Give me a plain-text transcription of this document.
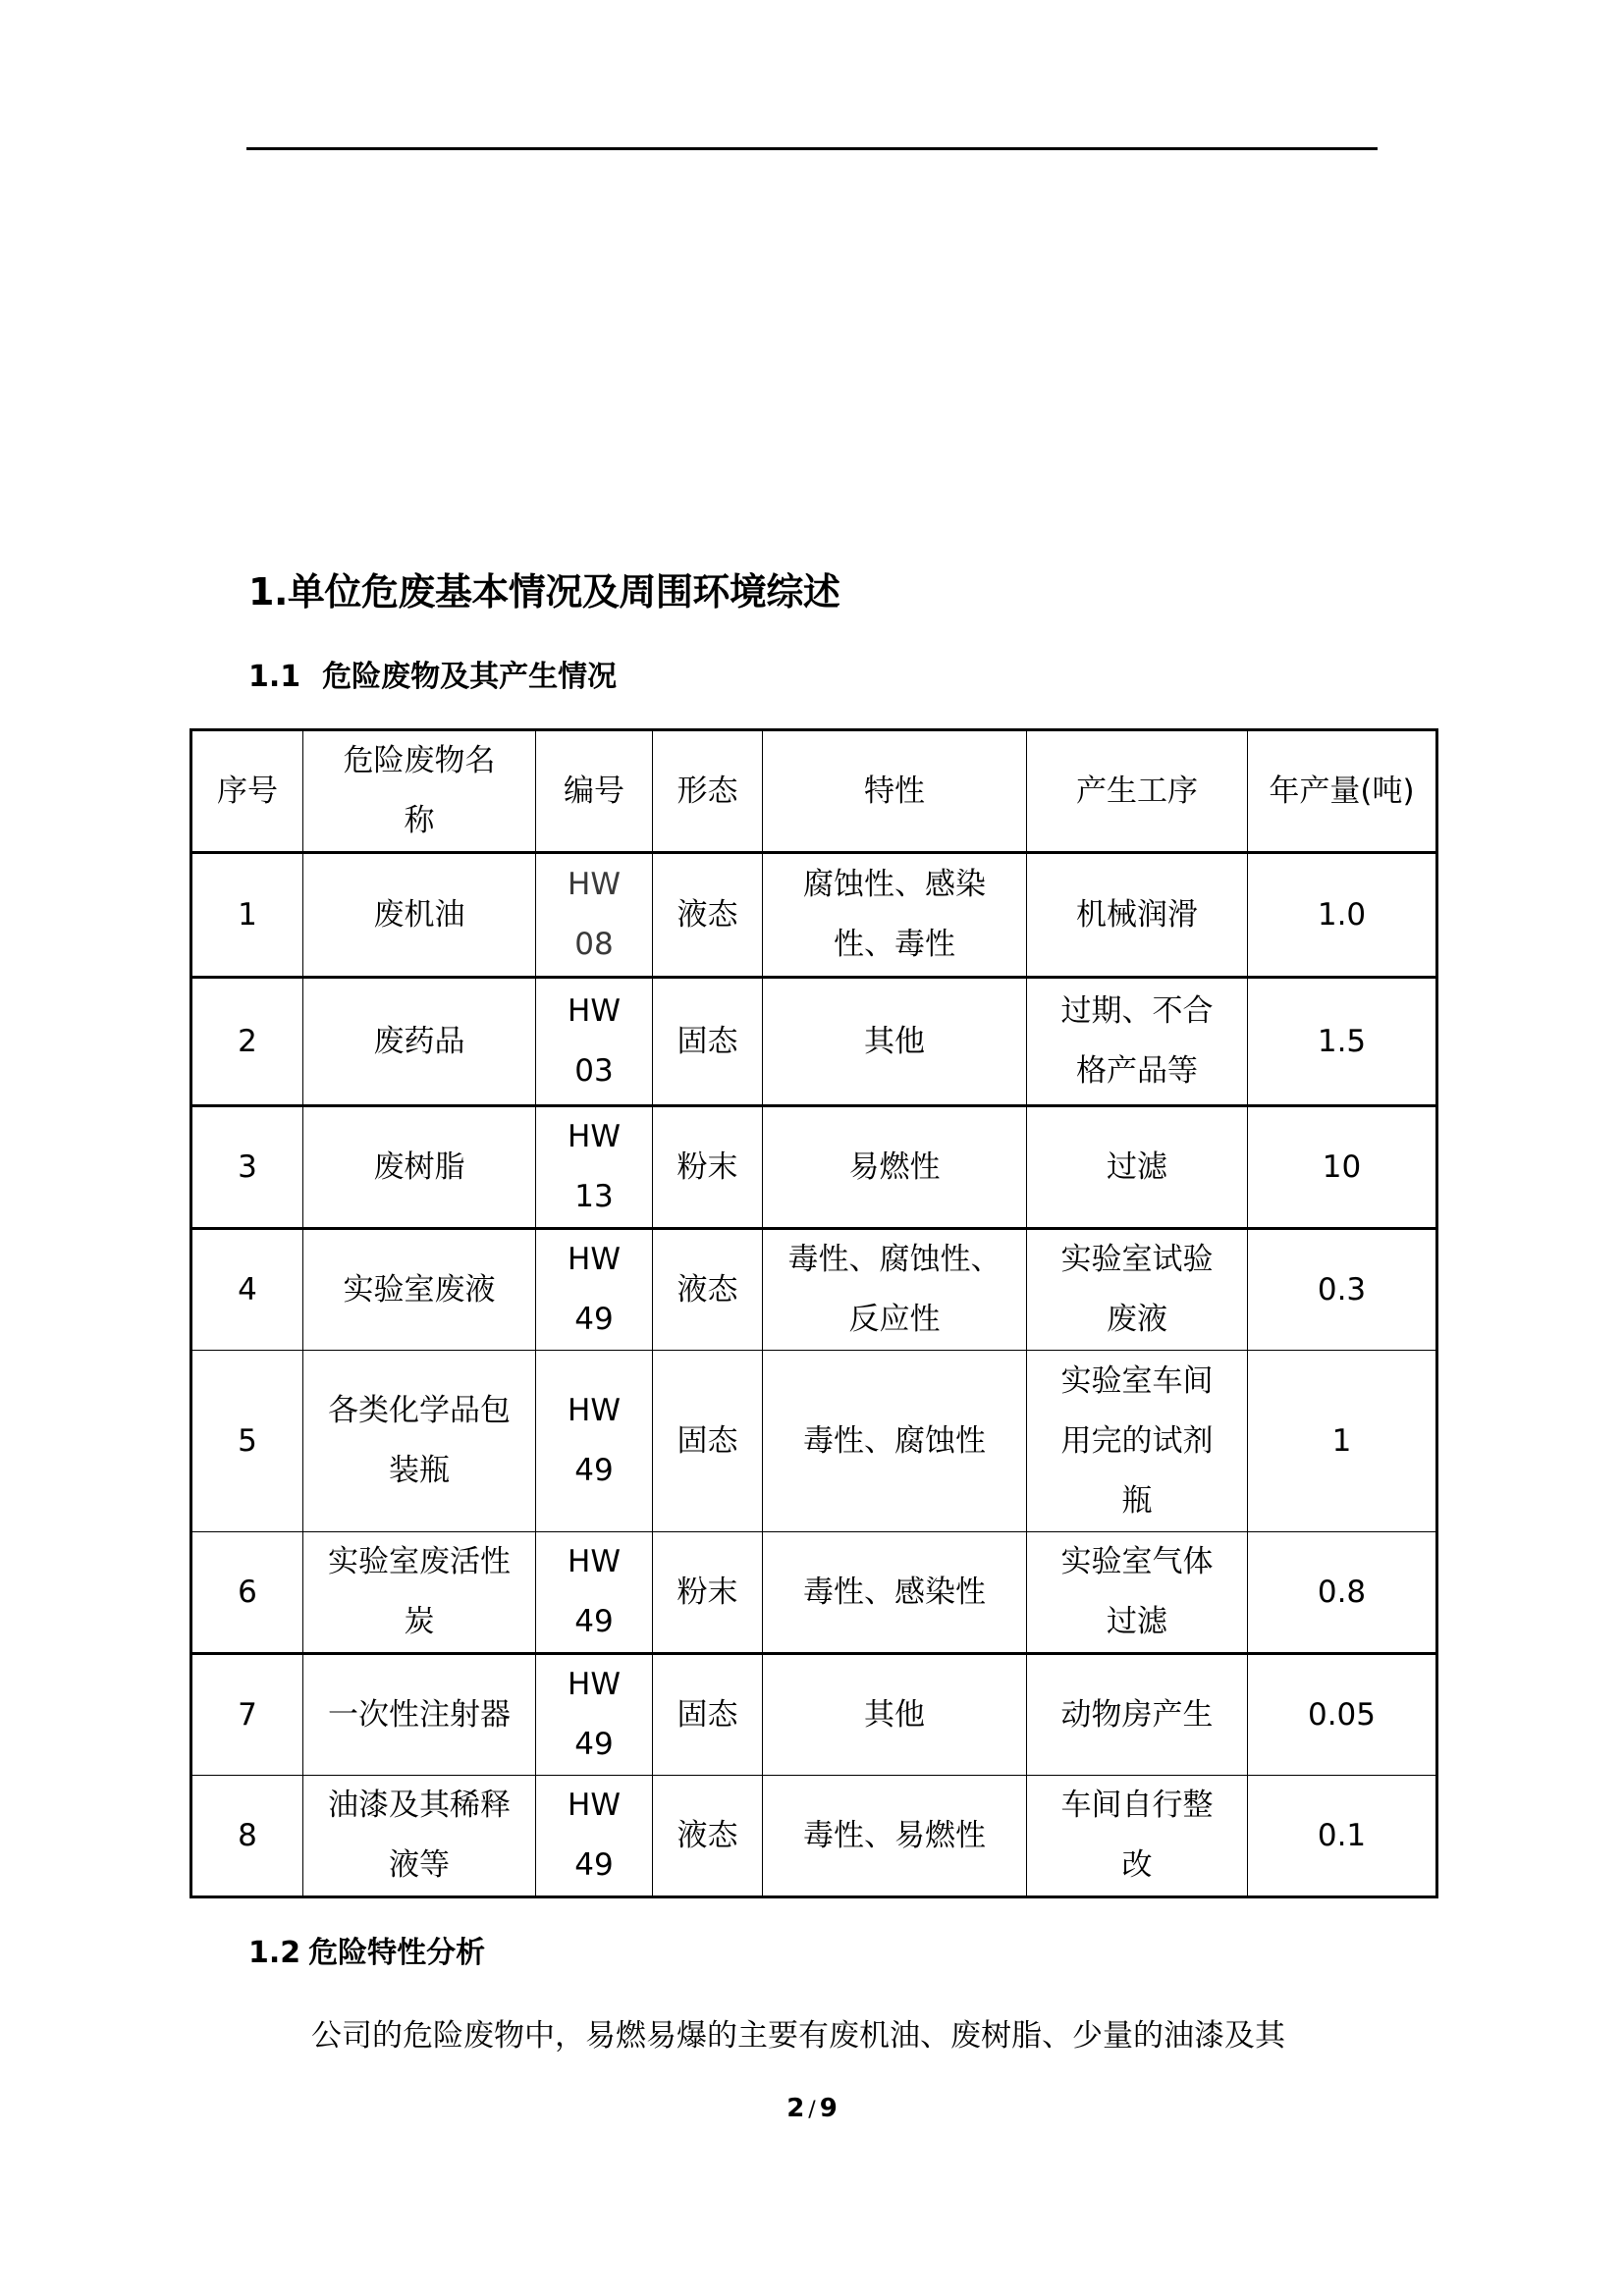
1.单位危废基本情况及周围环境综述
1.1 危险废物及其产生情况
序号	危险废物名称	编号	形态	特性	产生工序	年产量(吨)
1	废机油	HW08	液态	腐蚀性、感染性、毒性	机械润滑	1.0
2	废药品	HW03	固态	其他	过期、不合格产品等	1.5
3	废树脂	HW13	粉末	易燃性	过滤	10
4	实验室废液	HW49	液态	毒性、腐蚀性、反应性	实验室试验废液	0.3
5	各类化学品包装瓶	HW49	固态	毒性、腐蚀性	实验室车间用完的试剂瓶	1
6	实验室废活性炭	HW49	粉末	毒性、感染性	实验室气体过滤	0.8
7	一次性注射器	HW49	固态	其他	动物房产生	0.05
8	油漆及其稀释液等	HW49	液态	毒性、易燃性	车间自行整改	0.1
1.2 危险特性分析
公司的危险废物中，易燃易爆的主要有废机油、废树脂、少量的油漆及其
2 / 9
